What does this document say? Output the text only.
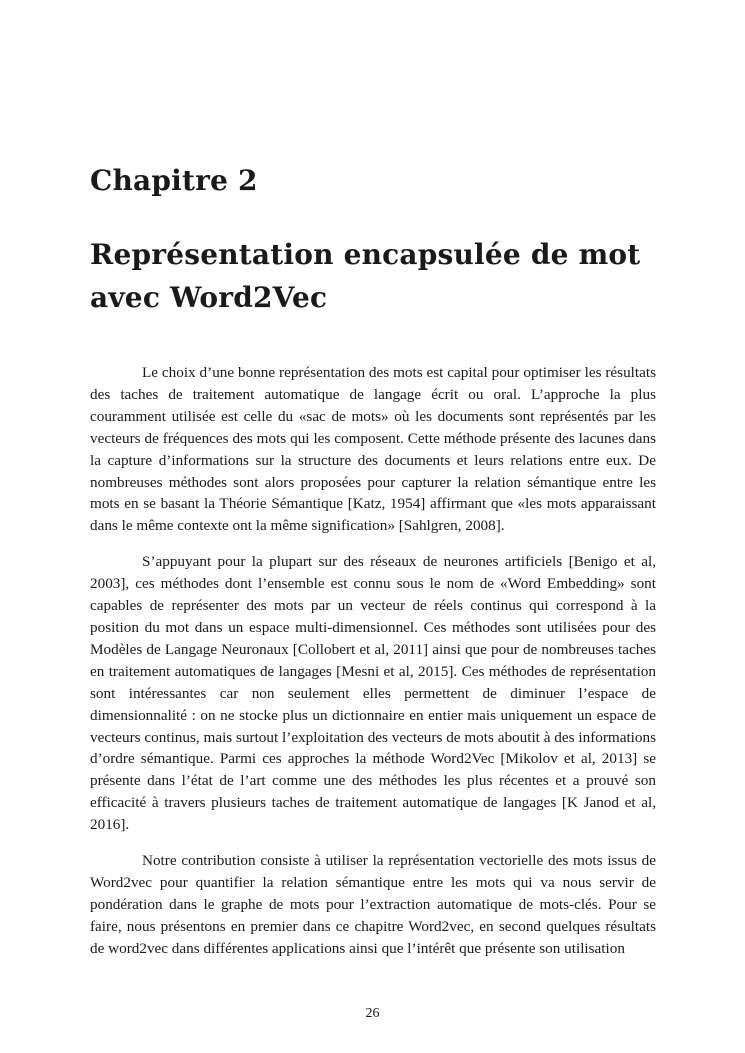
Chapitre 2
Représentation encapsulée de mot avec Word2Vec

Le choix d’une bonne représentation des mots est capital pour optimiser les résultats des taches de traitement automatique de langage écrit ou oral. L’approche la plus couramment utilisée est celle du «sac de mots» où les documents sont représentés par les vecteurs de fréquences des mots qui les composent. Cette méthode présente des lacunes dans la capture d’informations sur la structure des documents et leurs relations entre eux. De nombreuses méthodes sont alors proposées pour capturer la relation sémantique entre les mots en se basant la Théorie Sémantique [Katz, 1954] affirmant que «les mots apparaissant dans le même contexte ont la même signification» [Sahlgren, 2008].

S’appuyant pour la plupart sur des réseaux de neurones artificiels [Benigo et al, 2003], ces méthodes dont l’ensemble est connu sous le nom de «Word Embedding» sont capables de représenter des mots par un vecteur de réels continus qui correspond à la position du mot dans un espace multi-dimensionnel. Ces méthodes sont utilisées pour des Modèles de Langage Neuronaux [Collobert et al, 2011] ainsi que pour de nombreuses taches en traitement automatiques de langages [Mesni et al, 2015]. Ces méthodes de représentation sont intéressantes car non seulement elles permettent de diminuer l’espace de dimensionnalité : on ne stocke plus un dictionnaire en entier mais uniquement un espace de vecteurs continus, mais surtout l’exploitation des vecteurs de mots aboutit à des informations d’ordre sémantique. Parmi ces approches la méthode Word2Vec [Mikolov et al, 2013] se présente dans l’état de l’art comme une des méthodes les plus récentes et a prouvé son efficacité à travers plusieurs taches de traitement automatique de langages [K Janod et al, 2016].

Notre contribution consiste à utiliser la représentation vectorielle des mots issus de Word2vec pour quantifier la relation sémantique entre les mots qui va nous servir de pondération dans le graphe de mots pour l’extraction automatique de mots-clés. Pour se faire, nous présentons en premier dans ce chapitre Word2vec, en second quelques résultats de word2vec dans différentes applications ainsi que l’intérêt que présente son utilisation

26
